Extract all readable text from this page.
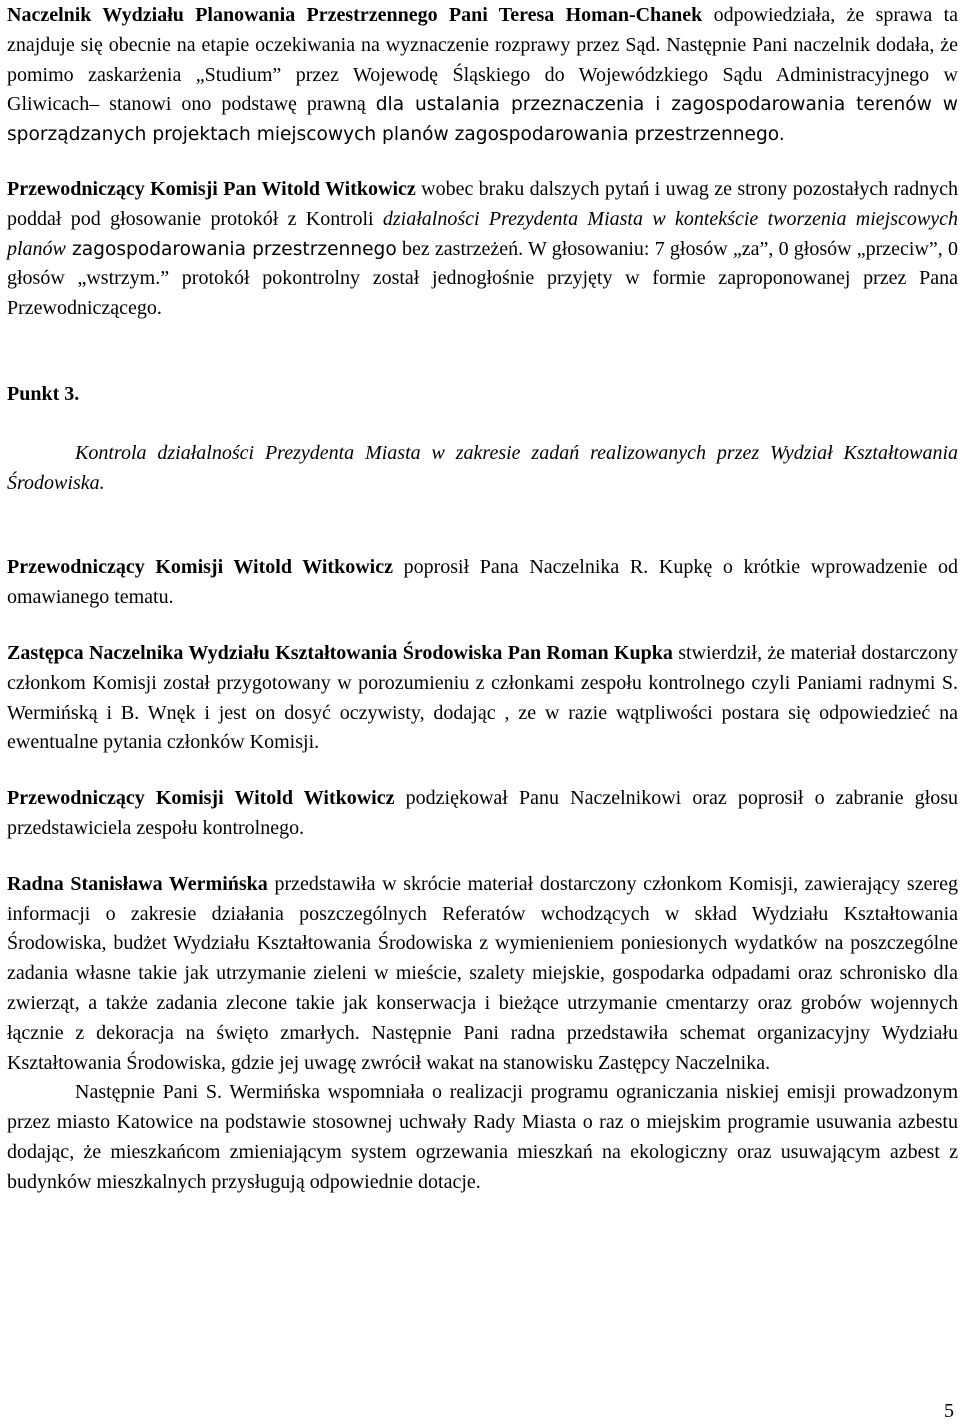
Naczelnik Wydziału Planowania Przestrzennego Pani Teresa Homan-Chanek odpowiedziała, że sprawa ta znajduje się obecnie na etapie oczekiwania na wyznaczenie rozprawy przez Sąd. Następnie Pani naczelnik dodała, że pomimo zaskarżenia „Studium” przez Wojewodę Śląskiego do Wojewódzkiego Sądu Administracyjnego w Gliwicach– stanowi ono podstawę prawną dla ustalania przeznaczenia i zagospodarowania terenów w sporządzanych projektach miejscowych planów zagospodarowania przestrzennego.

Przewodniczący Komisji Pan Witold Witkowicz wobec braku dalszych pytań i uwag ze strony pozostałych radnych poddał pod głosowanie protokół z Kontroli działalności Prezydenta Miasta w kontekście tworzenia miejscowych planów zagospodarowania przestrzennego bez zastrzeżeń. W głosowaniu: 7 głosów „za”, 0 głosów „przeciw”, 0 głosów „wstrzym.” protokół pokontrolny został jednogłośnie przyjęty w formie zaproponowanej przez Pana Przewodniczącego.

Punkt 3.

Kontrola działalności Prezydenta Miasta w zakresie zadań realizowanych przez Wydział Kształtowania Środowiska.

Przewodniczący Komisji Witold Witkowicz poprosił Pana Naczelnika R. Kupkę o krótkie wprowadzenie od omawianego tematu.

Zastępca Naczelnika Wydziału Kształtowania Środowiska Pan Roman Kupka stwierdził, że materiał dostarczony członkom Komisji został przygotowany w porozumieniu z członkami zespołu kontrolnego czyli Paniami radnymi S. Wermińską i B. Wnęk i jest on dosyć oczywisty, dodając , ze w razie wątpliwości postara się odpowiedzieć na ewentualne pytania członków Komisji.

Przewodniczący Komisji Witold Witkowicz podziękował Panu Naczelnikowi oraz poprosił o zabranie głosu przedstawiciela zespołu kontrolnego.

Radna Stanisława Wermińska przedstawiła w skrócie materiał dostarczony członkom Komisji, zawierający szereg informacji o zakresie działania poszczególnych Referatów wchodzących w skład Wydziału Kształtowania Środowiska, budżet Wydziału Kształtowania Środowiska z wymienieniem poniesionych wydatków na poszczególne zadania własne takie jak utrzymanie zieleni w mieście, szalety miejskie, gospodarka odpadami oraz schronisko dla zwierząt, a także zadania zlecone takie jak konserwacja i bieżące utrzymanie cmentarzy oraz grobów wojennych łącznie z dekoracja na święto zmarłych. Następnie Pani radna przedstawiła schemat organizacyjny Wydziału Kształtowania Środowiska, gdzie jej uwagę zwrócił wakat na stanowisku Zastępcy Naczelnika.

Następnie Pani S. Wermińska wspomniała o realizacji programu ograniczania niskiej emisji prowadzonym przez miasto Katowice na podstawie stosownej uchwały Rady Miasta o raz o miejskim programie usuwania azbestu dodając, że mieszkańcom zmieniającym system ogrzewania mieszkań na ekologiczny oraz usuwającym azbest z budynków mieszkalnych przysługują odpowiednie dotacje.

5
